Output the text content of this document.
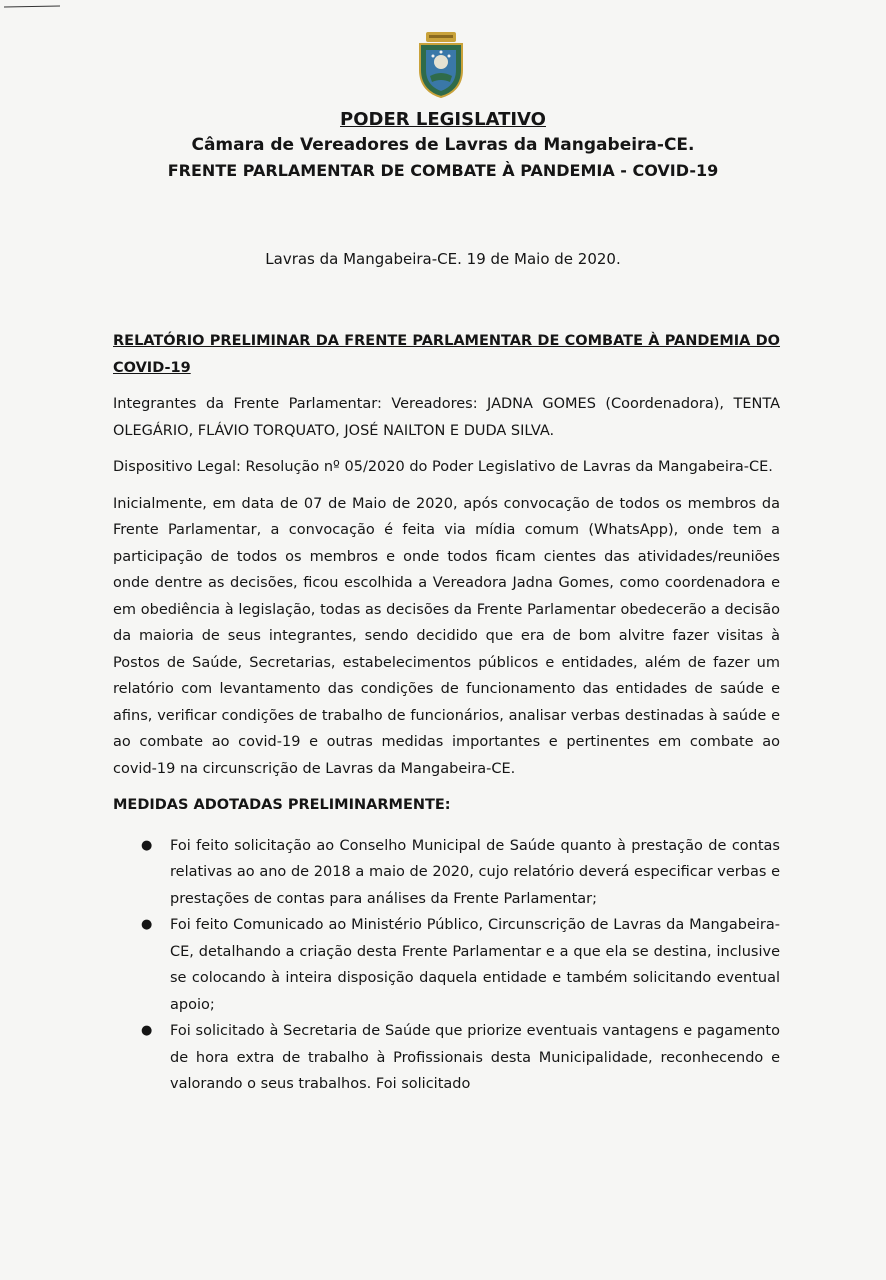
PODER LEGISLATIVO
Câmara de Vereadores de Lavras da Mangabeira-CE.
FRENTE PARLAMENTAR DE COMBATE À PANDEMIA - COVID-19
Lavras da Mangabeira-CE. 19 de Maio de 2020.

RELATÓRIO PRELIMINAR DA FRENTE PARLAMENTAR DE COMBATE À PANDEMIA DO COVID-19

Integrantes da Frente Parlamentar: Vereadores: JADNA GOMES (Coordenadora), TENTA OLEGÁRIO, FLÁVIO TORQUATO, JOSÉ NAILTON E DUDA SILVA.

Dispositivo Legal: Resolução nº 05/2020 do Poder Legislativo de Lavras da Mangabeira-CE.

Inicialmente, em data de 07 de Maio de 2020, após convocação de todos os membros da Frente Parlamentar, a convocação é feita via mídia comum (WhatsApp), onde tem a participação de todos os membros e onde todos ficam cientes das atividades/reuniões onde dentre as decisões, ficou escolhida a Vereadora Jadna Gomes, como coordenadora e em obediência à legislação, todas as decisões da Frente Parlamentar obedecerão a decisão da maioria de seus integrantes, sendo decidido que era de bom alvitre fazer visitas à Postos de Saúde, Secretarias, estabelecimentos públicos e entidades, além de fazer um relatório com levantamento das condições de funcionamento das entidades de saúde e afins, verificar condições de trabalho de funcionários, analisar verbas destinadas à saúde e ao combate ao covid-19 e outras medidas importantes e pertinentes em combate ao covid-19 na circunscrição de Lavras da Mangabeira-CE.

MEDIDAS ADOTADAS PRELIMINARMENTE:

● Foi feito solicitação ao Conselho Municipal de Saúde quanto à prestação de contas relativas ao ano de 2018 a maio de 2020, cujo relatório deverá especificar verbas e prestações de contas para análises da Frente Parlamentar;
● Foi feito Comunicado ao Ministério Público, Circunscrição de Lavras da Mangabeira-CE, detalhando a criação desta Frente Parlamentar e a que ela se destina, inclusive se colocando à inteira disposição daquela entidade e também solicitando eventual apoio;
● Foi solicitado à Secretaria de Saúde que priorize eventuais vantagens e pagamento de hora extra de trabalho à Profissionais desta Municipalidade, reconhecendo e valorando o seus trabalhos. Foi solicitado
